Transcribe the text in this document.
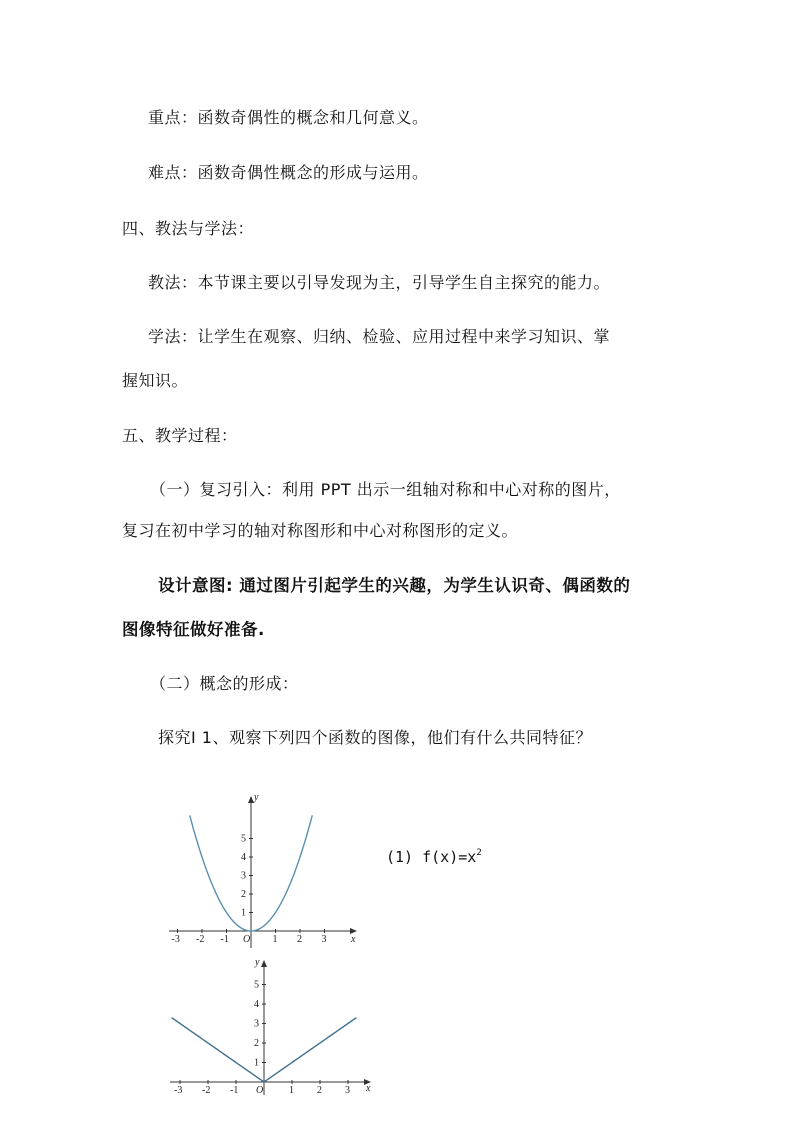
重点：函数奇偶性的概念和几何意义。
难点：函数奇偶性概念的形成与运用。
四、教法与学法：
教法：本节课主要以引导发现为主，引导学生自主探究的能力。
学法：让学生在观察、归纳、检验、应用过程中来学习知识、掌
握知识。
五、教学过程：
（一）复习引入：利用 PPT 出示一组轴对称和中心对称的图片，
复习在初中学习的轴对称图形和中心对称图形的定义。
设计意图: 通过图片引起学生的兴趣，为学生认识奇、偶函数的
图像特征做好准备.
（二）概念的形成：
探究Ⅰ 1、观察下列四个函数的图像，他们有什么共同特征？
(1) $f(x)=x^2$
x
y
O
-3 -2 -1	1 2 3
1
2
3
4
5
x
y
O
-3 -2 -1	1 2 3
1
2
3
4
5
